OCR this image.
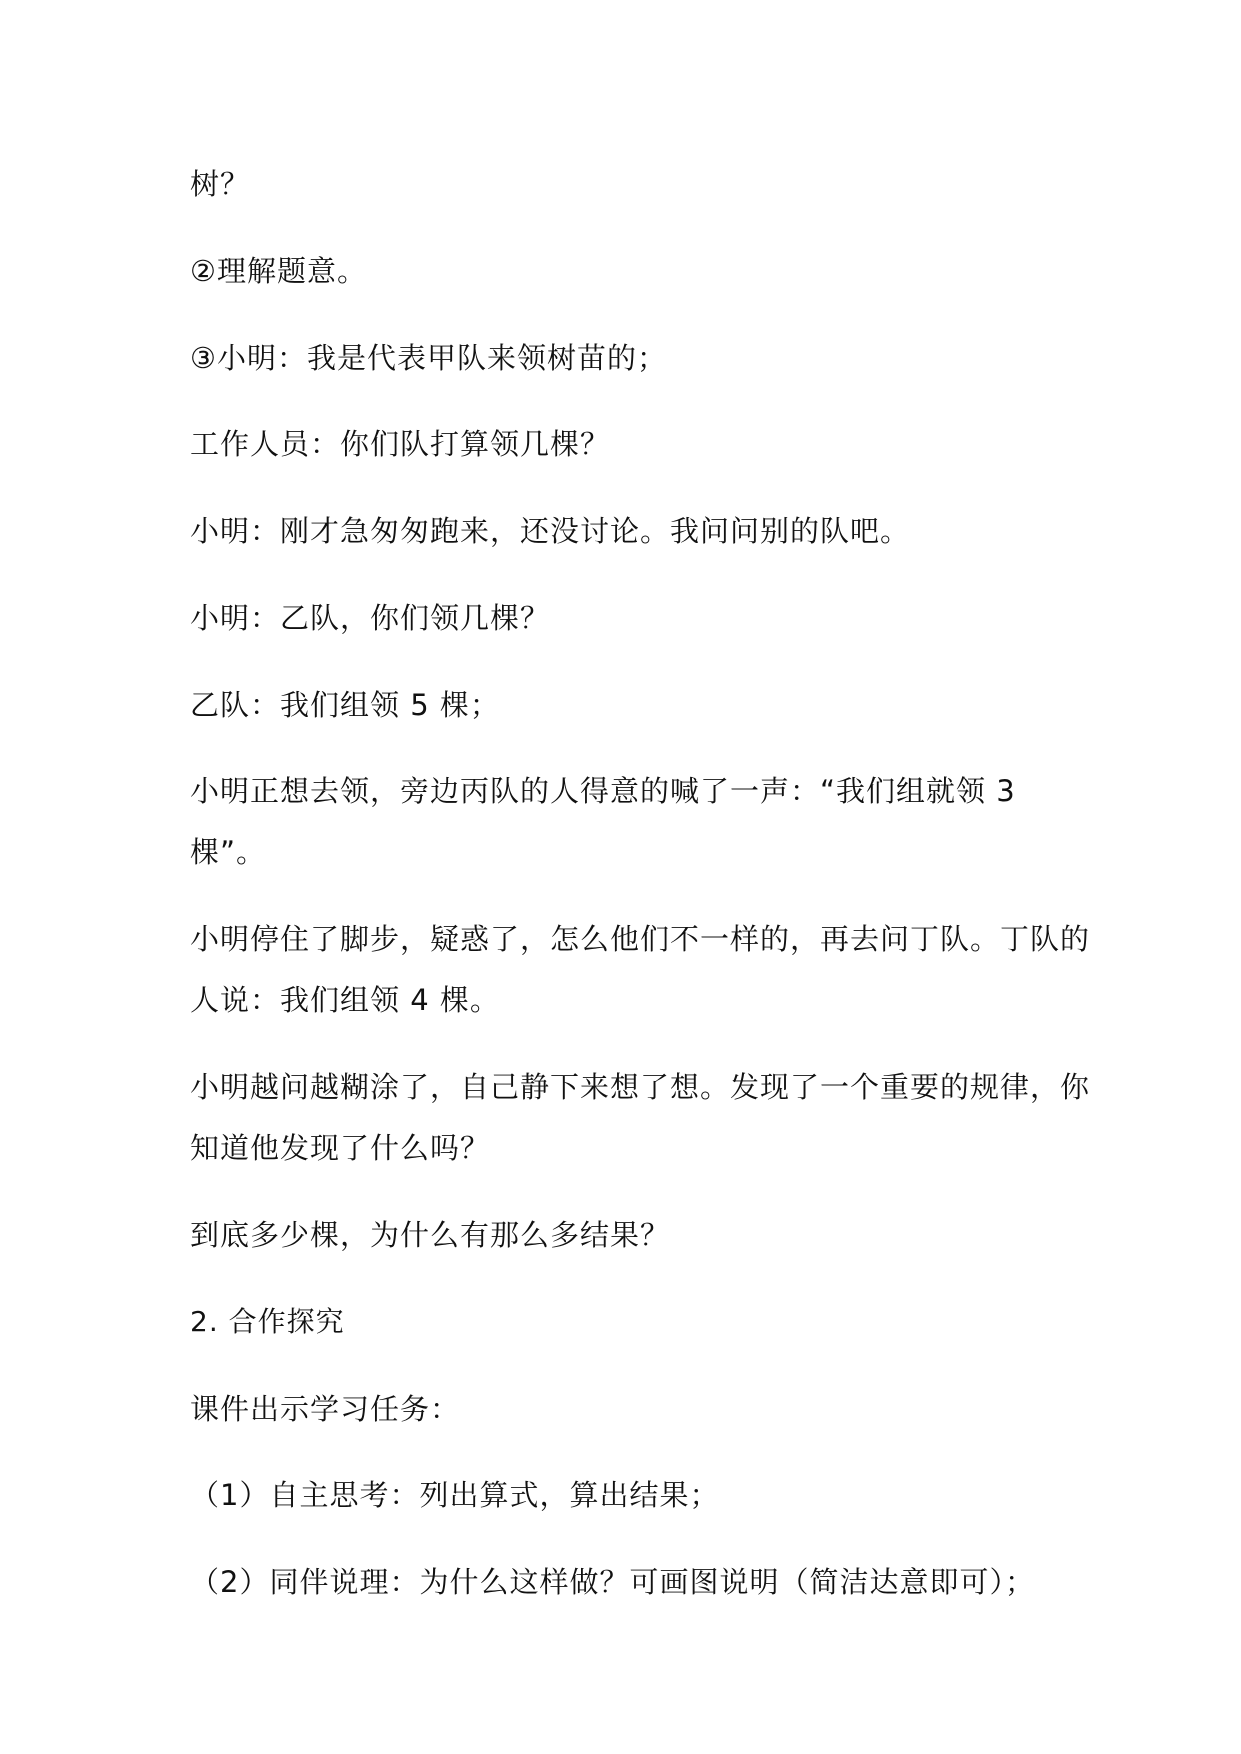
树？
②理解题意。
③小明：我是代表甲队来领树苗的；
工作人员：你们队打算领几棵？
小明：刚才急匆匆跑来，还没讨论。我问问别的队吧。
小明：乙队，你们领几棵？
乙队：我们组领 5 棵；
小明正想去领，旁边丙队的人得意的喊了一声：“我们组就领 3
棵”。
小明停住了脚步，疑惑了，怎么他们不一样的，再去问丁队。丁队的
人说：我们组领 4 棵。
小明越问越糊涂了，自己静下来想了想。发现了一个重要的规律，你
知道他发现了什么吗？
到底多少棵，为什么有那么多结果？
2. 合作探究
课件出示学习任务：
（1）自主思考：列出算式，算出结果；
（2）同伴说理：为什么这样做？可画图说明（简洁达意即可）；
